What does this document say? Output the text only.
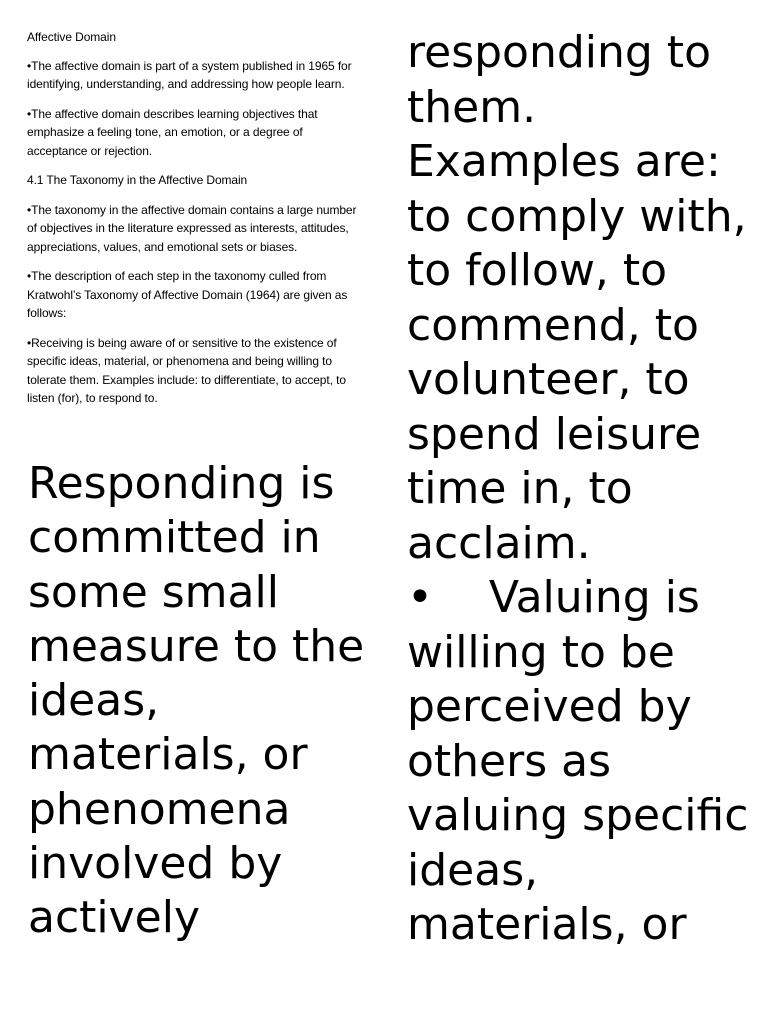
Affective Domain

•The affective domain is part of a system published in 1965 for identifying, understanding, and addressing how people learn.

•The affective domain describes learning objectives that emphasize a feeling tone, an emotion, or a degree of acceptance or rejection.

4.1 The Taxonomy in the Affective Domain

•The taxonomy in the affective domain contains a large number of objectives in the literature expressed as interests, attitudes, appreciations, values, and emotional sets or biases.

•The description of each step in the taxonomy culled from Kratwohl’s Taxonomy of Affective Domain (1964) are given as follows:

•Receiving is being aware of or sensitive to the existence of specific ideas, material, or phenomena and being willing to tolerate them. Examples include: to differentiate, to accept, to listen (for), to respond to.

Responding is committed in some small measure to the ideas, materials, or phenomena involved by actively

responding to them. Examples are: to comply with, to follow, to commend, to volunteer, to spend leisure time in, to acclaim.
• Valuing is willing to be perceived by others as valuing specific ideas, materials, or
